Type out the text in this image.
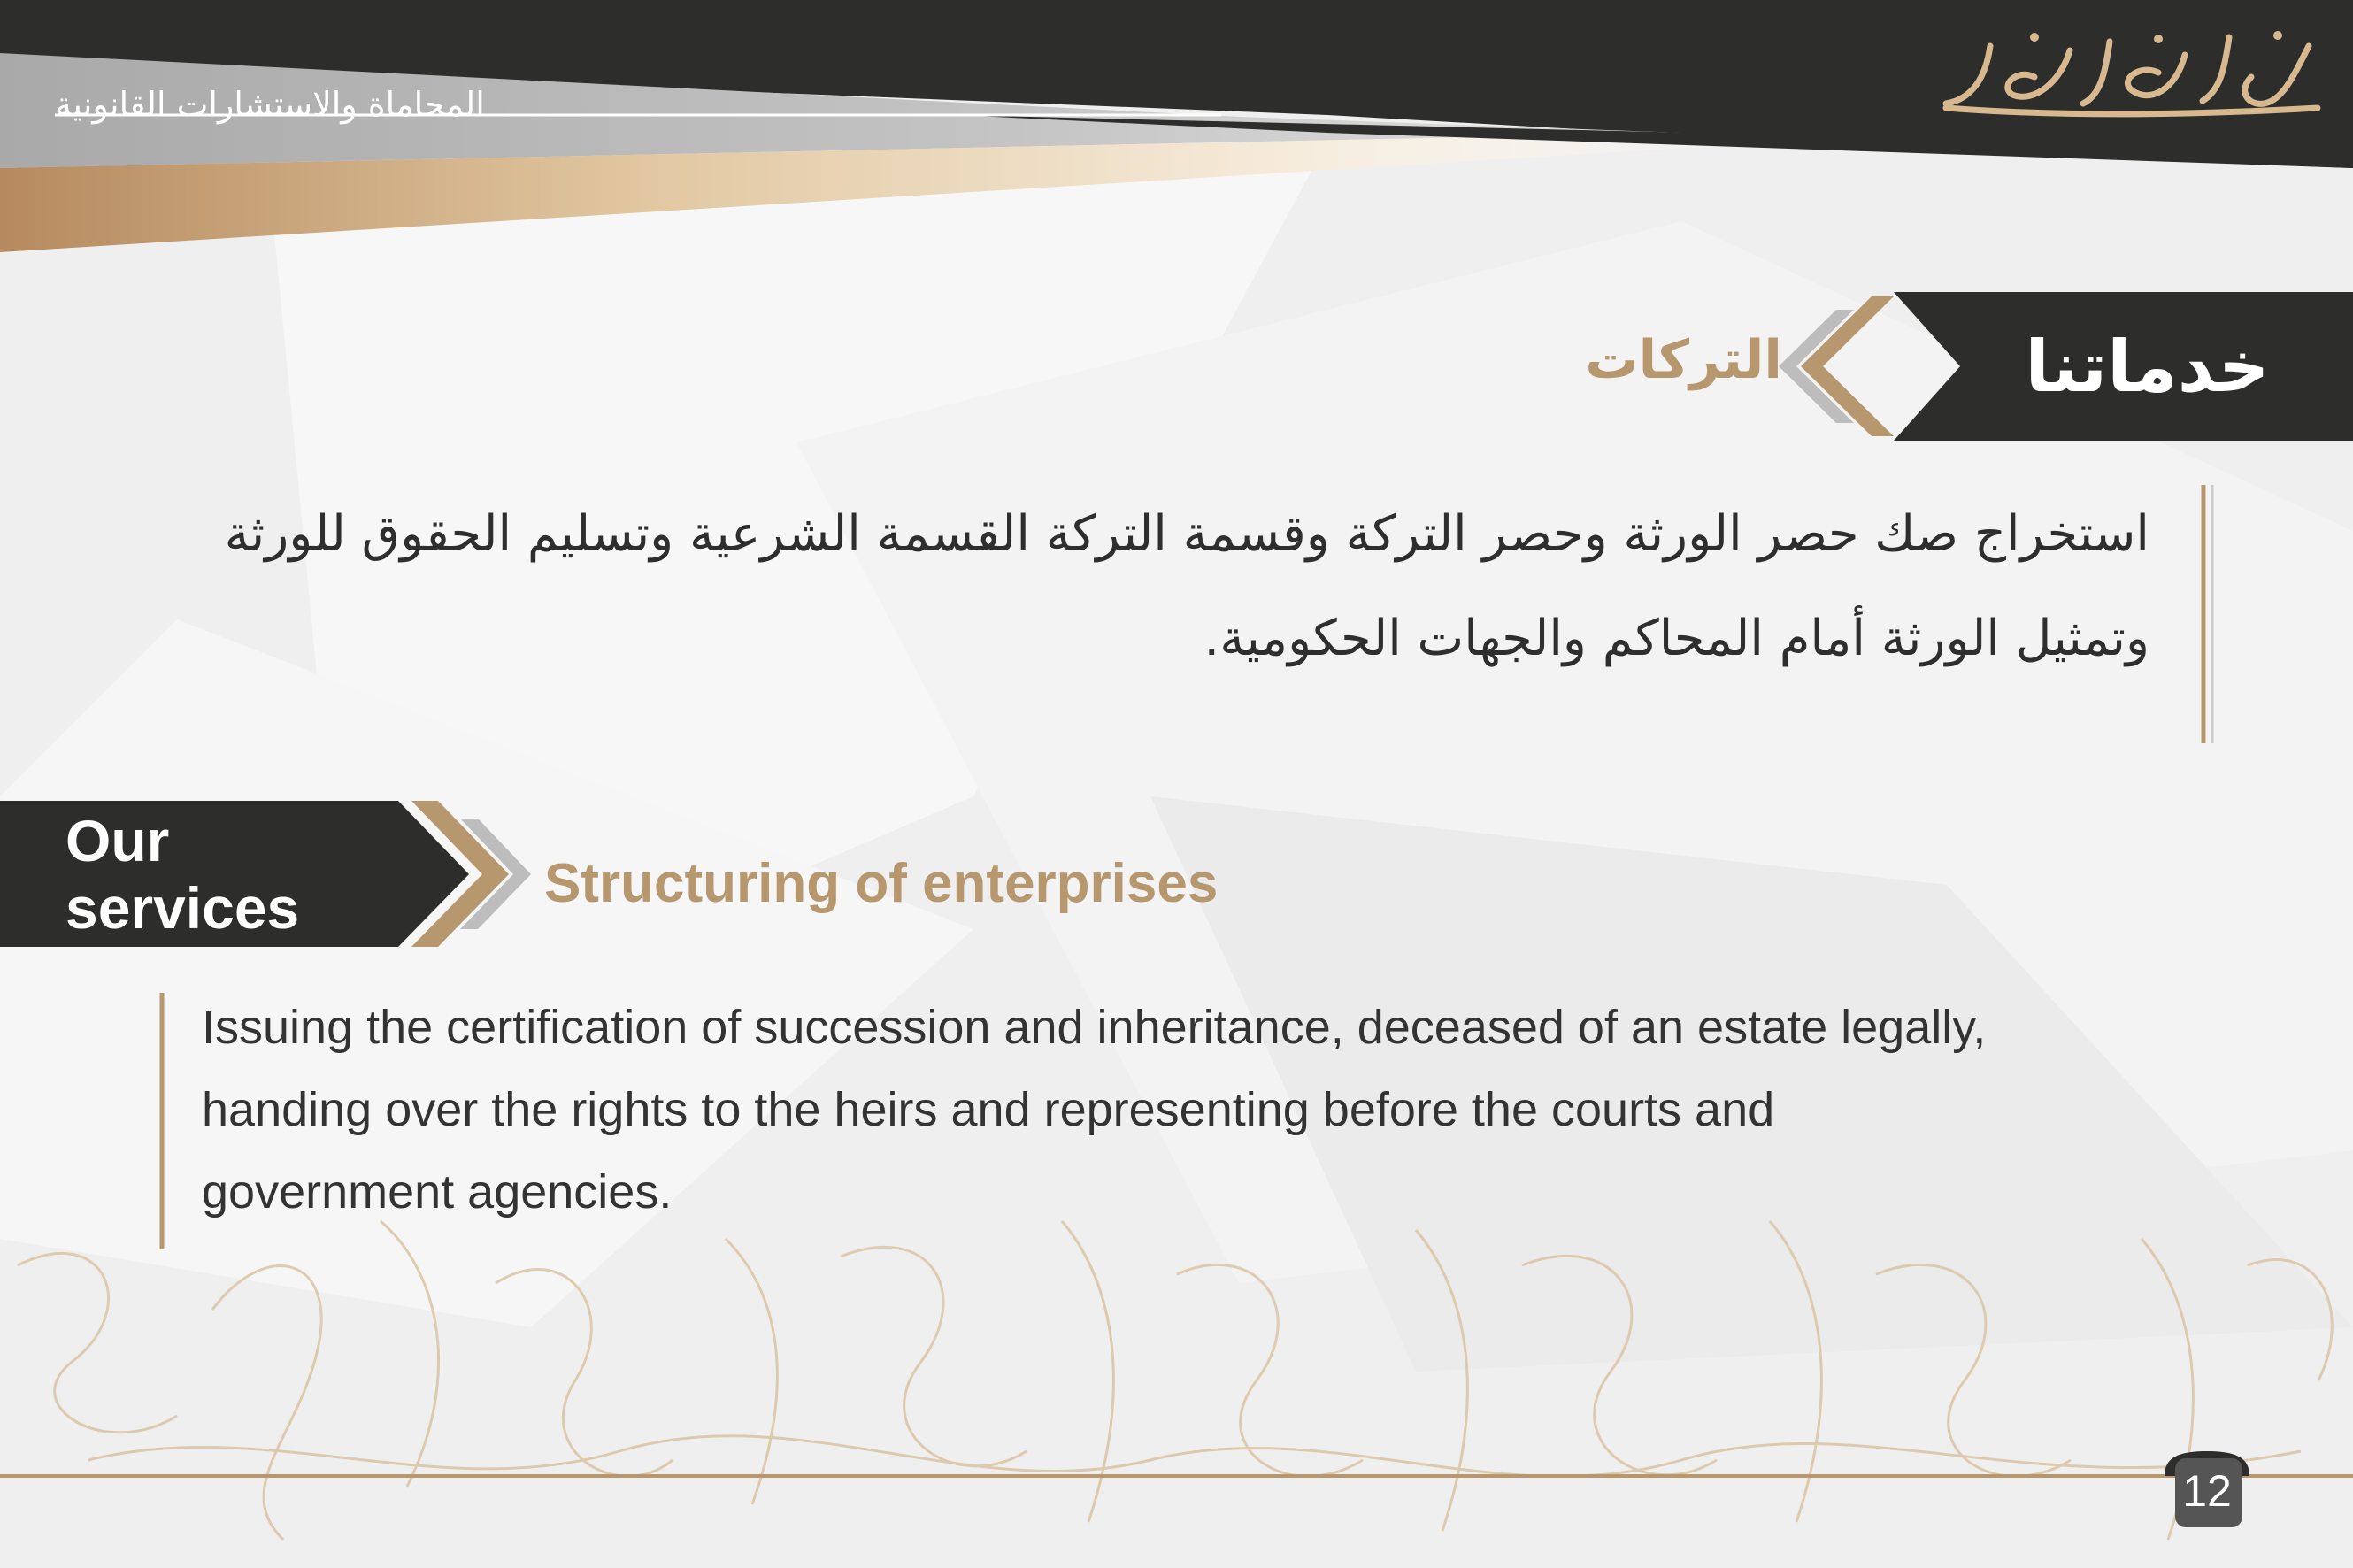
المحاماة والاستشارات القانونية
خدماتنا
التركات
استخراج صك حصر الورثة وحصر التركة وقسمة التركة القسمة الشرعية وتسليم الحقوق للورثة وتمثيل الورثة أمام المحاكم والجهات الحكومية.
Our services	Structuring of enterprises
Issuing the certification of succession and inheritance, deceased of an estate legally, handing over the rights to the heirs and representing before the courts and government agencies.
12
